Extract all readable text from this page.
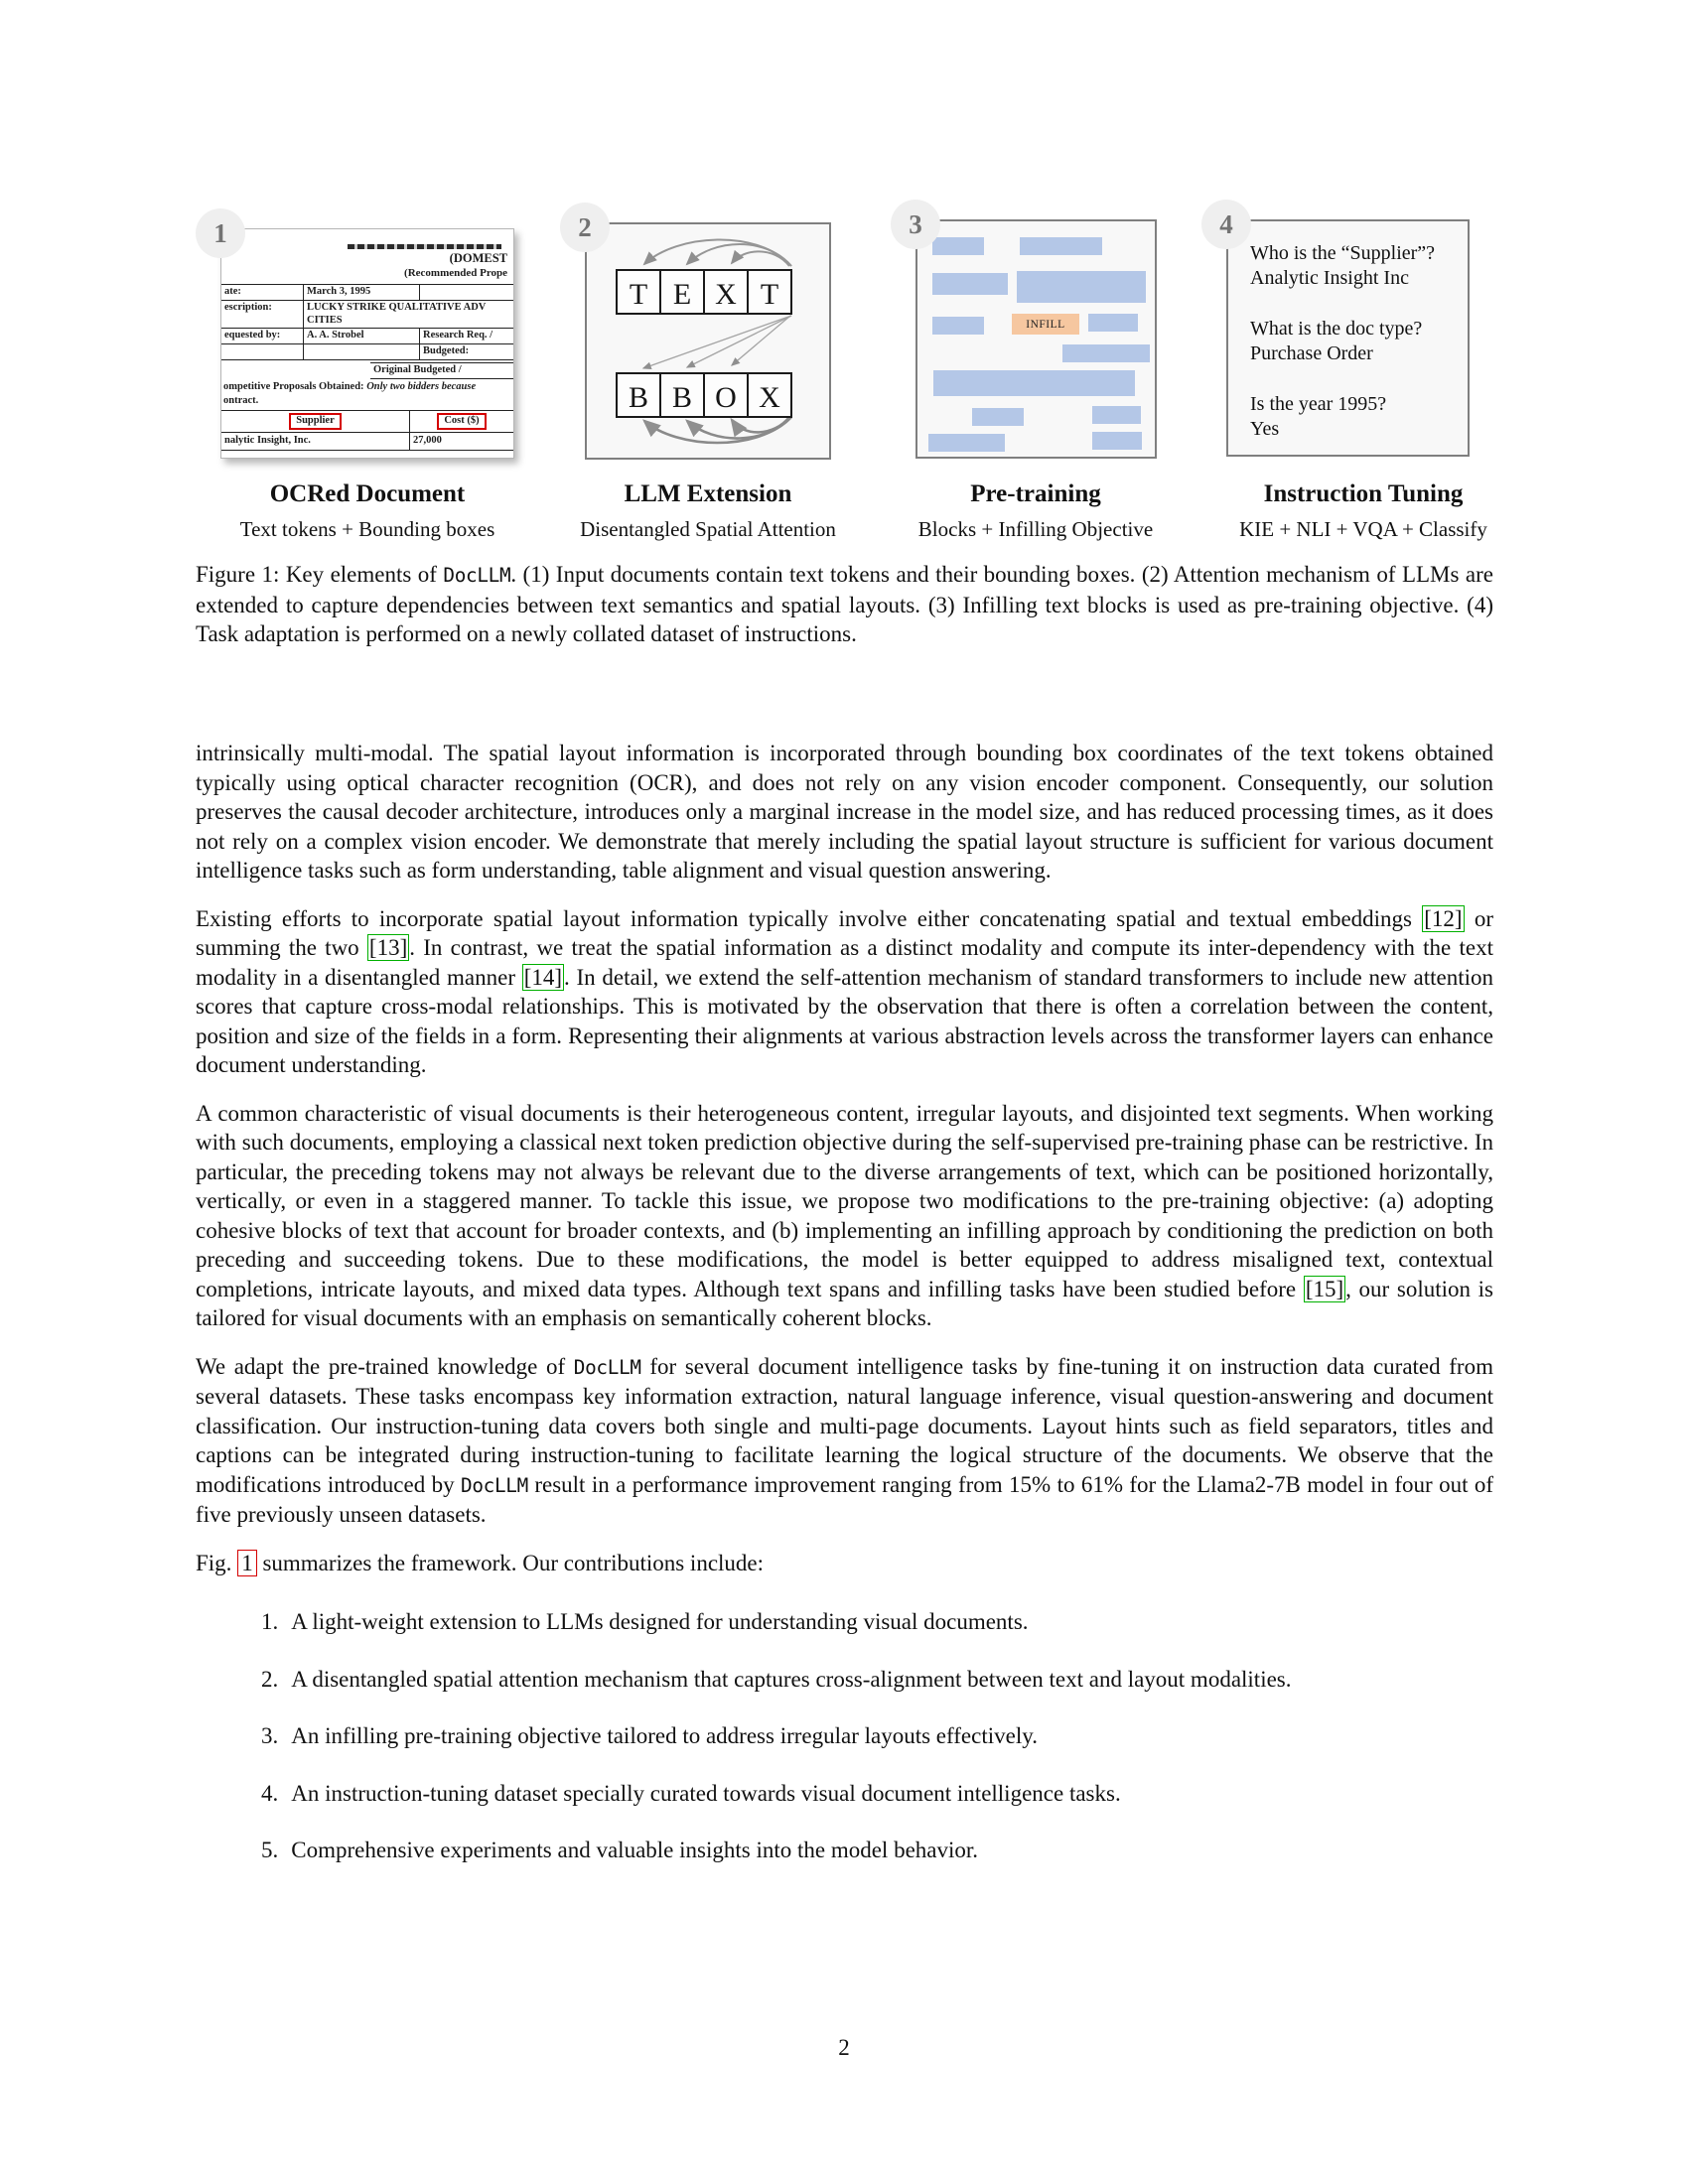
(DOMEST
(Recommended Prope
ate:	March 3, 1995	
escription:	LUCKY STRIKE QUALITATIVE ADV CITIES	
equested by:	A. A. Strobel	Research Req. /
		Budgeted:
Original Budgeted /
ompetitive Proposals Obtained: Only two bidders because
ontract.
Supplier	Cost ($)
nalytic Insight, Inc.	27,000
1
T E X T
B B O X
2
INFILL
3
Who is the “Supplier”?
Analytic Insight Inc
What is the doc type?
Purchase Order
Is the year 1995?
Yes
4
OCRed Document	LLM Extension	Pre-training	Instruction Tuning
Text tokens + Bounding boxes	Disentangled Spatial Attention	Blocks + Infilling Objective	KIE + NLI + VQA + Classify

Figure 1: Key elements of DocLLM. (1) Input documents contain text tokens and their bounding boxes. (2) Attention mechanism of LLMs are extended to capture dependencies between text semantics and spatial layouts. (3) Infilling text blocks is used as pre-training objective. (4) Task adaptation is performed on a newly collated dataset of instructions.

intrinsically multi-modal. The spatial layout information is incorporated through bounding box coordinates of the text tokens obtained typically using optical character recognition (OCR), and does not rely on any vision encoder component. Consequently, our solution preserves the causal decoder architecture, introduces only a marginal increase in the model size, and has reduced processing times, as it does not rely on a complex vision encoder. We demonstrate that merely including the spatial layout structure is sufficient for various document intelligence tasks such as form understanding, table alignment and visual question answering.

Existing efforts to incorporate spatial layout information typically involve either concatenating spatial and textual embeddings [12] or summing the two [13]. In contrast, we treat the spatial information as a distinct modality and compute its inter-dependency with the text modality in a disentangled manner [14]. In detail, we extend the self-attention mechanism of standard transformers to include new attention scores that capture cross-modal relationships. This is motivated by the observation that there is often a correlation between the content, position and size of the fields in a form. Representing their alignments at various abstraction levels across the transformer layers can enhance document understanding.

A common characteristic of visual documents is their heterogeneous content, irregular layouts, and disjointed text segments. When working with such documents, employing a classical next token prediction objective during the self-supervised pre-training phase can be restrictive. In particular, the preceding tokens may not always be relevant due to the diverse arrangements of text, which can be positioned horizontally, vertically, or even in a staggered manner. To tackle this issue, we propose two modifications to the pre-training objective: (a) adopting cohesive blocks of text that account for broader contexts, and (b) implementing an infilling approach by conditioning the prediction on both preceding and succeeding tokens. Due to these modifications, the model is better equipped to address misaligned text, contextual completions, intricate layouts, and mixed data types. Although text spans and infilling tasks have been studied before [15], our solution is tailored for visual documents with an emphasis on semantically coherent blocks.

We adapt the pre-trained knowledge of DocLLM for several document intelligence tasks by fine-tuning it on instruction data curated from several datasets. These tasks encompass key information extraction, natural language inference, visual question-answering and document classification. Our instruction-tuning data covers both single and multi-page documents. Layout hints such as field separators, titles and captions can be integrated during instruction-tuning to facilitate learning the logical structure of the documents. We observe that the modifications introduced by DocLLM result in a performance improvement ranging from 15% to 61% for the Llama2-7B model in four out of five previously unseen datasets.

Fig. 1 summarizes the framework. Our contributions include:

1. A light-weight extension to LLMs designed for understanding visual documents.
2. A disentangled spatial attention mechanism that captures cross-alignment between text and layout modalities.
3. An infilling pre-training objective tailored to address irregular layouts effectively.
4. An instruction-tuning dataset specially curated towards visual document intelligence tasks.
5. Comprehensive experiments and valuable insights into the model behavior.
2
